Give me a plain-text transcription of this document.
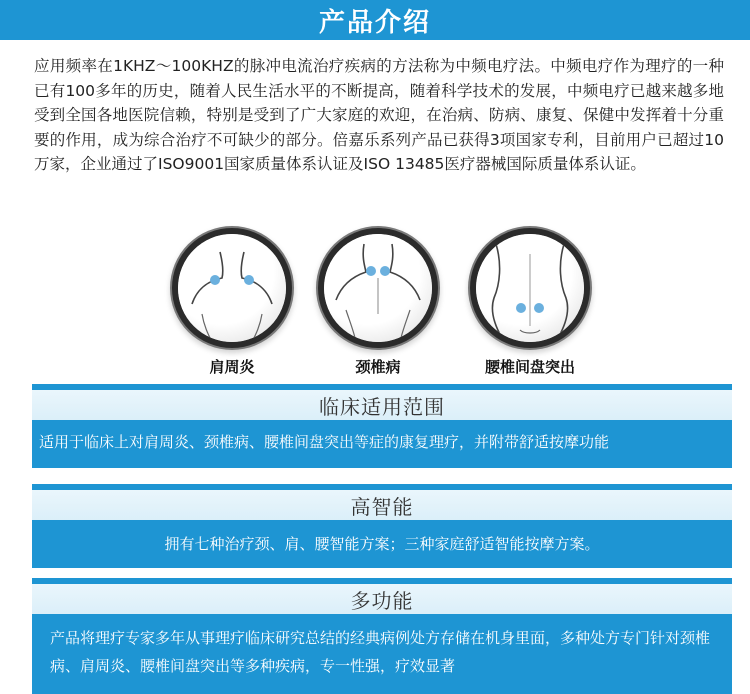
产品介绍
应用频率在1KHZ～100KHZ的脉冲电流治疗疾病的方法称为中频电疗法。中频电疗作为理疗的一种已有100多年的历史，随着人民生活水平的不断提高，随着科学技术的发展，中频电疗已越来越多地受到全国各地医院信赖，特别是受到了广大家庭的欢迎，在治病、防病、康复、保健中发挥着十分重要的作用，成为综合治疗不可缺少的部分。倍嘉乐系列产品已获得3项国家专利，目前用户已超过10万家，企业通过了ISO9001国家质量体系认证及ISO 13485医疗器械国际质量体系认证。
肩周炎	颈椎病	腰椎间盘突出
临床适用范围
适用于临床上对肩周炎、颈椎病、腰椎间盘突出等症的康复理疗，并附带舒适按摩功能
高智能
拥有七种治疗颈、肩、腰智能方案；三种家庭舒适智能按摩方案。
多功能
产品将理疗专家多年从事理疗临床研究总结的经典病例处方存储在机身里面，多种处方专门针对颈椎病、肩周炎、腰椎间盘突出等多种疾病，专一性强，疗效显著
